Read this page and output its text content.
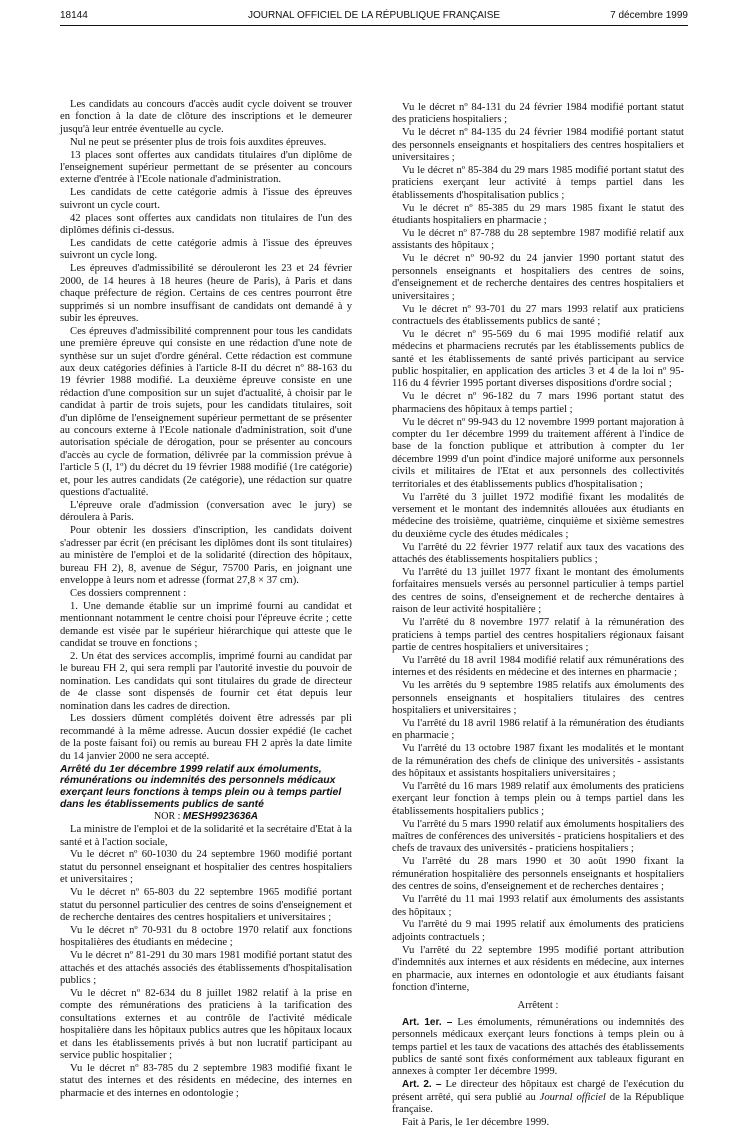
18144	JOURNAL OFFICIEL DE LA RÉPUBLIQUE FRANÇAISE	7 décembre 1999

Les candidats au concours d'accès audit cycle doivent se trouver en fonction à la date de clôture des inscriptions et le demeurer jusqu'à leur entrée éventuelle au cycle.

Nul ne peut se présenter plus de trois fois auxdites épreuves.

13 places sont offertes aux candidats titulaires d'un diplôme de l'enseignement supérieur permettant de se présenter au concours externe d'entrée à l'Ecole nationale d'administration.

Les candidats de cette catégorie admis à l'issue des épreuves suivront un cycle court.

42 places sont offertes aux candidats non titulaires de l'un des diplômes définis ci-dessus.

Les candidats de cette catégorie admis à l'issue des épreuves suivront un cycle long.

Les épreuves d'admissibilité se dérouleront les 23 et 24 février 2000, de 14 heures à 18 heures (heure de Paris), à Paris et dans chaque préfecture de région. Certains de ces centres pourront être supprimés si un nombre insuffisant de candidats ont demandé à y subir les épreuves.

Ces épreuves d'admissibilité comprennent pour tous les candidats une première épreuve qui consiste en une rédaction d'une note de synthèse sur un sujet d'ordre général. Cette rédaction est commune aux deux catégories définies à l'article 8-II du décret nº 88-163 du 19 février 1988 modifié. La deuxième épreuve consiste en une rédaction d'une composition sur un sujet d'actualité, à choisir par le candidat à partir de trois sujets, pour les candidats titulaires, soit d'un diplôme de l'enseignement supérieur permettant de se présenter au concours externe à l'Ecole nationale d'administration, soit d'une autorisation spéciale de dérogation, pour se présenter au concours d'accès au cycle de formation, délivrée par la commission prévue à l'article 5 (I, 1º) du décret du 19 février 1988 modifié (1re catégorie) et, pour les autres candidats (2e catégorie), une rédaction sur quatre questions d'actualité.

L'épreuve orale d'admission (conversation avec le jury) se déroulera à Paris.

Pour obtenir les dossiers d'inscription, les candidats doivent s'adresser par écrit (en précisant les diplômes dont ils sont titulaires) au ministère de l'emploi et de la solidarité (direction des hôpitaux, bureau FH 2), 8, avenue de Ségur, 75700 Paris, en joignant une enveloppe à leurs nom et adresse (format 27,8 × 37 cm).

Ces dossiers comprennent :

1. Une demande établie sur un imprimé fourni au candidat et mentionnant notamment le centre choisi pour l'épreuve écrite ; cette demande est visée par le supérieur hiérarchique qui atteste que le candidat se trouve en fonctions ;

2. Un état des services accomplis, imprimé fourni au candidat par le bureau FH 2, qui sera rempli par l'autorité investie du pouvoir de nomination. Les candidats qui sont titulaires du grade de directeur de 4e classe sont dispensés de fournir cet état depuis leur nomination dans les cadres de direction.

Les dossiers dûment complétés doivent être adressés par pli recommandé à la même adresse. Aucun dossier expédié (le cachet de la poste faisant foi) ou remis au bureau FH 2 après la date limite du 14 janvier 2000 ne sera accepté.

Arrêté du 1er décembre 1999 relatif aux émoluments, rémunérations ou indemnités des personnels médicaux exerçant leurs fonctions à temps plein ou à temps partiel dans les établissements publics de santé

NOR : MESH9923636A

La ministre de l'emploi et de la solidarité et la secrétaire d'Etat à la santé et à l'action sociale,

Vu le décret nº 60-1030 du 24 septembre 1960 modifié portant statut du personnel enseignant et hospitalier des centres hospitaliers et universitaires ;

Vu le décret nº 65-803 du 22 septembre 1965 modifié portant statut du personnel particulier des centres de soins d'enseignement et de recherche dentaires des centres hospitaliers et universitaires ;

Vu le décret nº 70-931 du 8 octobre 1970 relatif aux fonctions hospitalières des étudiants en médecine ;

Vu le décret nº 81-291 du 30 mars 1981 modifié portant statut des attachés et des attachés associés des établissements d'hospitalisation publics ;

Vu le décret nº 82-634 du 8 juillet 1982 relatif à la prise en compte des rémunérations des praticiens à la tarification des consultations externes et au contrôle de l'activité médicale hospitalière dans les hôpitaux publics autres que les hôpitaux locaux et dans les établissements privés à but non lucratif participant au service public hospitalier ;

Vu le décret nº 83-785 du 2 septembre 1983 modifié fixant le statut des internes et des résidents en médecine, des internes en pharmacie et des internes en odontologie ;

Vu le décret nº 84-131 du 24 février 1984 modifié portant statut des praticiens hospitaliers ;

Vu le décret nº 84-135 du 24 février 1984 modifié portant statut des personnels enseignants et hospitaliers des centres hospitaliers et universitaires ;

Vu le décret nº 85-384 du 29 mars 1985 modifié portant statut des praticiens exerçant leur activité à temps partiel dans les établissements d'hospitalisation publics ;

Vu le décret nº 85-385 du 29 mars 1985 fixant le statut des étudiants hospitaliers en pharmacie ;

Vu le décret nº 87-788 du 28 septembre 1987 modifié relatif aux assistants des hôpitaux ;

Vu le décret nº 90-92 du 24 janvier 1990 portant statut des personnels enseignants et hospitaliers des centres de soins, d'enseignement et de recherche dentaires des centres hospitaliers et universitaires ;

Vu le décret nº 93-701 du 27 mars 1993 relatif aux praticiens contractuels des établissements publics de santé ;

Vu le décret nº 95-569 du 6 mai 1995 modifié relatif aux médecins et pharmaciens recrutés par les établissements publics de santé et les établissements de santé privés participant au service public hospitalier, en application des articles 3 et 4 de la loi nº 95-116 du 4 février 1995 portant diverses dispositions d'ordre social ;

Vu le décret nº 96-182 du 7 mars 1996 portant statut des pharmaciens des hôpitaux à temps partiel ;

Vu le décret nº 99-943 du 12 novembre 1999 portant majoration à compter du 1er décembre 1999 du traitement afférent à l'indice de base de la fonction publique et attribution à compter du 1er décembre 1999 d'un point d'indice majoré uniforme aux personnels civils et militaires de l'Etat et aux personnels des collectivités territoriales et des établissements publics d'hospitalisation ;

Vu l'arrêté du 3 juillet 1972 modifié fixant les modalités de versement et le montant des indemnités allouées aux étudiants en médecine des troisième, quatrième, cinquième et sixième semestres du deuxième cycle des études médicales ;

Vu l'arrêté du 22 février 1977 relatif aux taux des vacations des attachés des établissements hospitaliers publics ;

Vu l'arrêté du 13 juillet 1977 fixant le montant des émoluments forfaitaires mensuels versés au personnel particulier à temps partiel des centres de soins, d'enseignement et de recherche dentaires à raison de leur activité hospitalière ;

Vu l'arrêté du 8 novembre 1977 relatif à la rémunération des praticiens à temps partiel des centres hospitaliers régionaux faisant partie de centres hospitaliers et universitaires ;

Vu l'arrêté du 18 avril 1984 modifié relatif aux rémunérations des internes et des résidents en médecine et des internes en pharmacie ;

Vu les arrêtés du 9 septembre 1985 relatifs aux émoluments des personnels enseignants et hospitaliers titulaires des centres hospitaliers et universitaires ;

Vu l'arrêté du 18 avril 1986 relatif à la rémunération des étudiants en pharmacie ;

Vu l'arrêté du 13 octobre 1987 fixant les modalités et le montant de la rémunération des chefs de clinique des universités - assistants des hôpitaux et assistants hospitaliers universitaires ;

Vu l'arrêté du 16 mars 1989 relatif aux émoluments des praticiens exerçant leur fonction à temps plein ou à temps partiel dans les établissements hospitaliers publics ;

Vu l'arrêté du 5 mars 1990 relatif aux émoluments hospitaliers des maîtres de conférences des universités - praticiens hospitaliers et des chefs de travaux des universités - praticiens hospitaliers ;

Vu l'arrêté du 28 mars 1990 et 30 août 1990 fixant la rémunération hospitalière des personnels enseignants et hospitaliers des centres de soins, d'enseignement et de recherches dentaires ;

Vu l'arrêté du 11 mai 1993 relatif aux émoluments des assistants des hôpitaux ;

Vu l'arrêté du 9 mai 1995 relatif aux émoluments des praticiens adjoints contractuels ;

Vu l'arrêté du 22 septembre 1995 modifié portant attribution d'indemnités aux internes et aux résidents en médecine, aux internes en pharmacie, aux internes en odontologie et aux étudiants faisant fonction d'interne,

Arrêtent :

Art. 1er. – Les émoluments, rémunérations ou indemnités des personnels médicaux exerçant leurs fonctions à temps plein ou à temps partiel et les taux de vacations des attachés des établissements publics de santé sont fixés conformément aux tableaux figurant en annexes à compter 1er décembre 1999.

Art. 2. – Le directeur des hôpitaux est chargé de l'exécution du présent arrêté, qui sera publié au Journal officiel de la République française.

Fait à Paris, le 1er décembre 1999.
